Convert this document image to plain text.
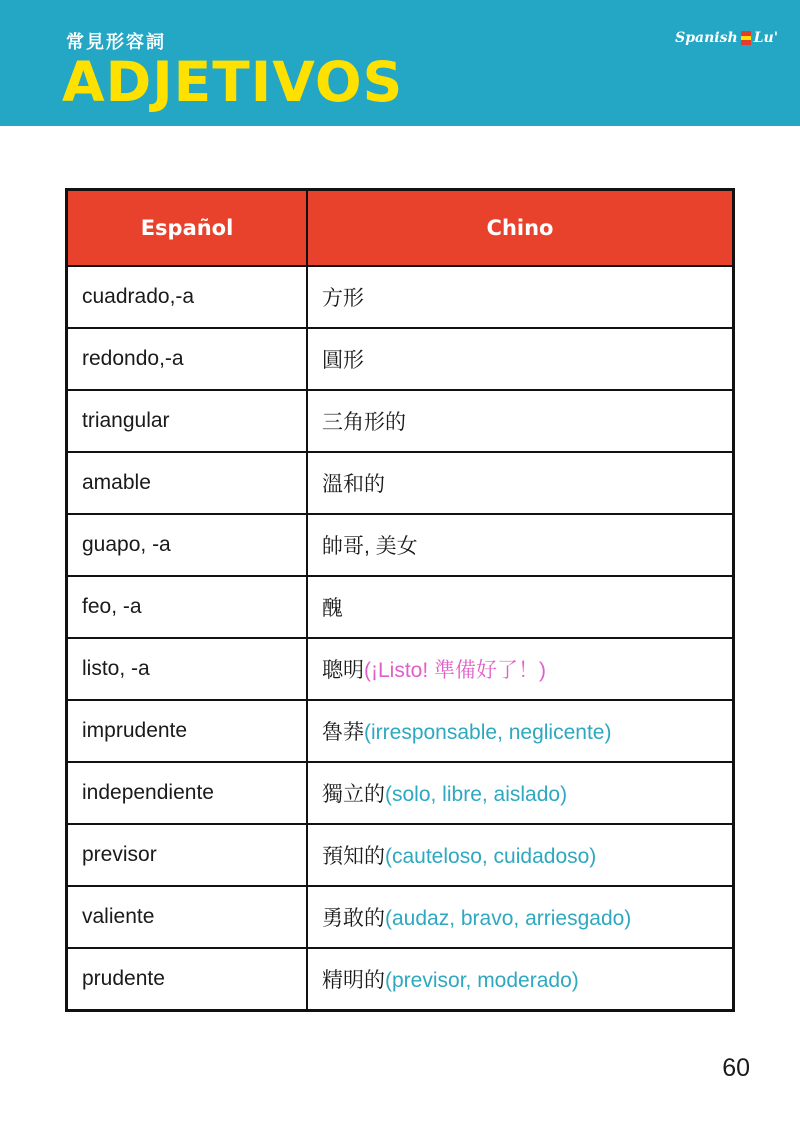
常見形容詞
ADJETIVOS
Spanish Lu'
Español	Chino
cuadrado,-a	方形
redondo,-a	圓形
triangular	三角形的
amable	溫和的
guapo, -a	帥哥, 美女
feo, -a	醜
listo, -a	聰明(¡Listo! 準備好了！)
imprudente	魯莽(irresponsable, neglicente)
independiente	獨立的(solo, libre, aislado)
previsor	預知的(cauteloso, cuidadoso)
valiente	勇敢的(audaz, bravo, arriesgado)
prudente	精明的(previsor, moderado)
60
